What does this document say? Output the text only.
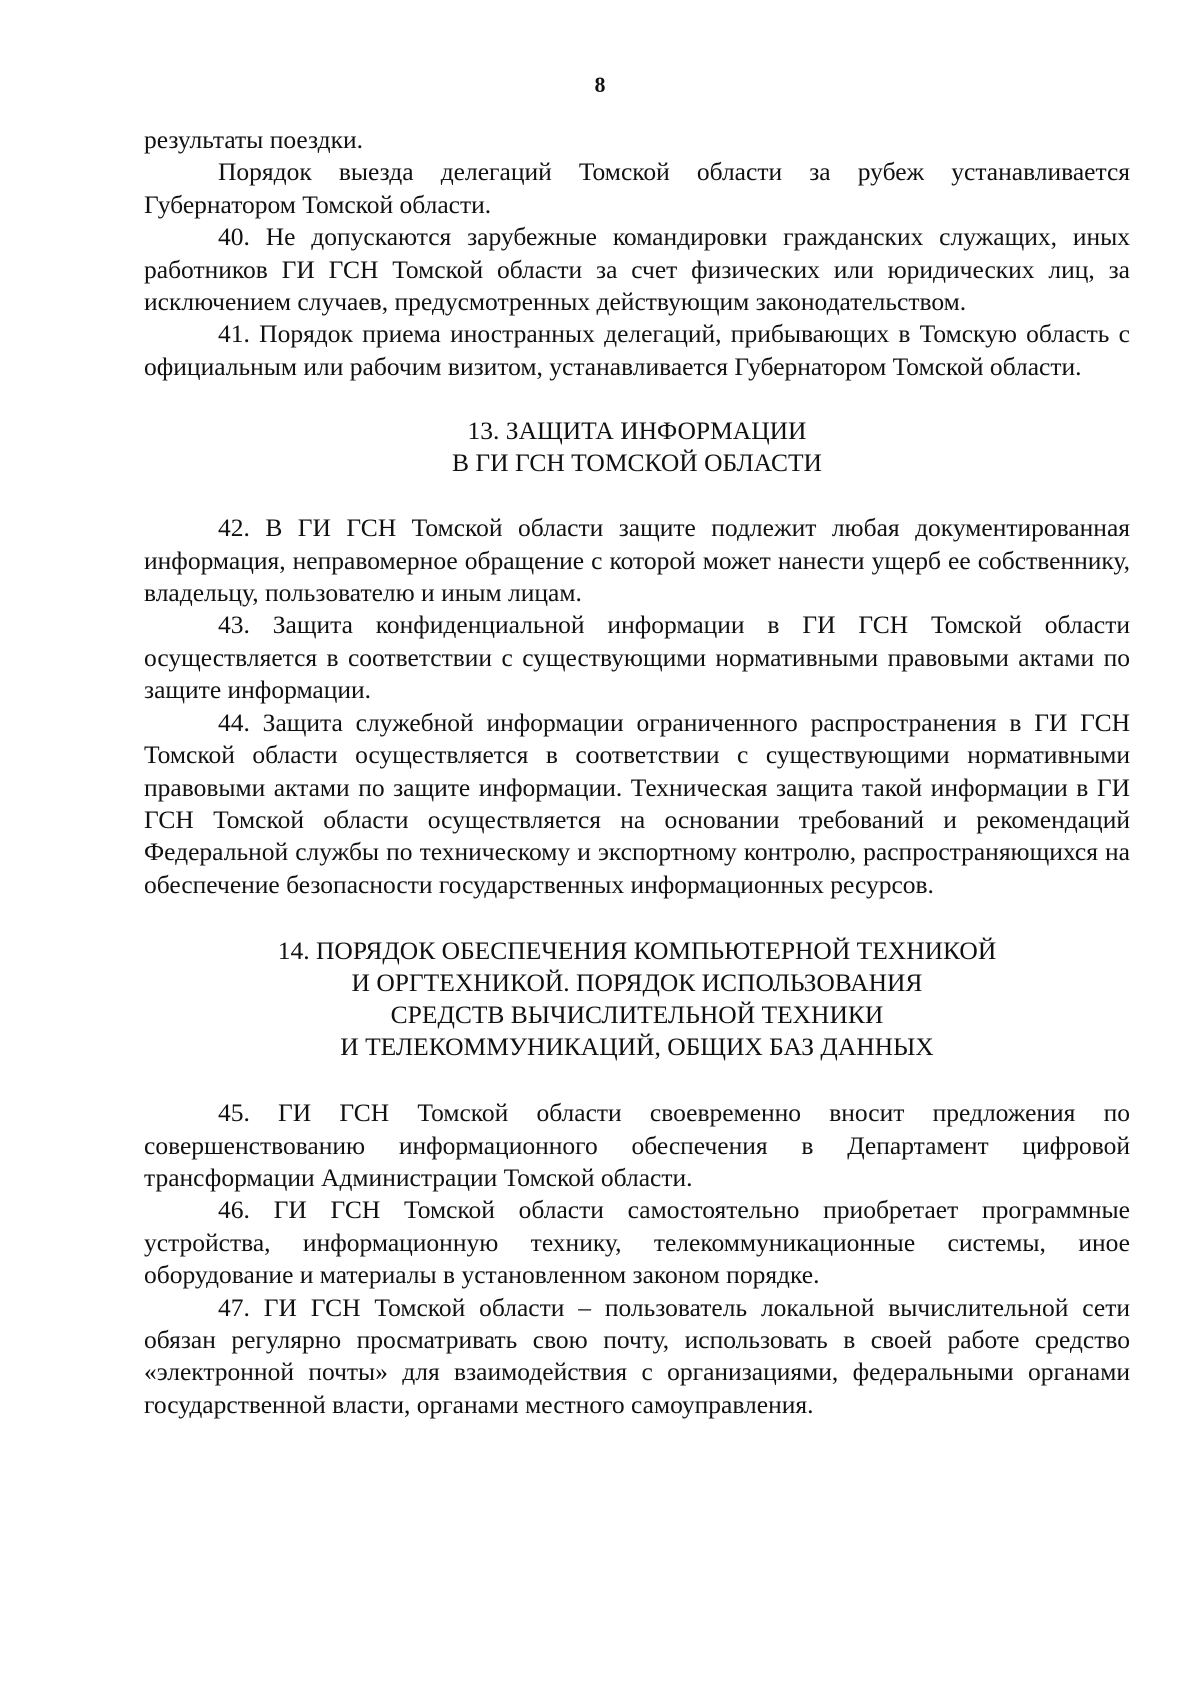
8

результаты поездки.

Порядок выезда делегаций Томской области за рубеж устанавливается Губернатором Томской области.

40. Не допускаются зарубежные командировки гражданских служащих, иных работников ГИ ГСН Томской области за счет физических или юридических лиц, за исключением случаев, предусмотренных действующим законодательством.

41. Порядок приема иностранных делегаций, прибывающих в Томскую область с официальным или рабочим визитом, устанавливается Губернатором Томской области.

13. ЗАЩИТА ИНФОРМАЦИИ
В ГИ ГСН ТОМСКОЙ ОБЛАСТИ

42. В ГИ ГСН Томской области защите подлежит любая документированная информация, неправомерное обращение с которой может нанести ущерб ее собственнику, владельцу, пользователю и иным лицам.

43. Защита конфиденциальной информации в ГИ ГСН Томской области осуществляется в соответствии с существующими нормативными правовыми актами по защите информации.

44. Защита служебной информации ограниченного распространения в ГИ ГСН Томской области осуществляется в соответствии с существующими нормативными правовыми актами по защите информации. Техническая защита такой информации в ГИ ГСН Томской области осуществляется на основании требований и рекомендаций Федеральной службы по техническому и экспортному контролю, распространяющихся на обеспечение безопасности государственных информационных ресурсов.

14. ПОРЯДОК ОБЕСПЕЧЕНИЯ КОМПЬЮТЕРНОЙ ТЕХНИКОЙ
И ОРГТЕХНИКОЙ. ПОРЯДОК ИСПОЛЬЗОВАНИЯ
СРЕДСТВ ВЫЧИСЛИТЕЛЬНОЙ ТЕХНИКИ
И ТЕЛЕКОММУНИКАЦИЙ, ОБЩИХ БАЗ ДАННЫХ

45. ГИ ГСН Томской области своевременно вносит предложения по совершенствованию информационного обеспечения в Департамент цифровой трансформации Администрации Томской области.

46. ГИ ГСН Томской области самостоятельно приобретает программные устройства, информационную технику, телекоммуникационные системы, иное оборудование и материалы в установленном законом порядке.

47. ГИ ГСН Томской области – пользователь локальной вычислительной сети обязан регулярно просматривать свою почту, использовать в своей работе средство «электронной почты» для взаимодействия с организациями, федеральными органами государственной власти, органами местного самоуправления.
